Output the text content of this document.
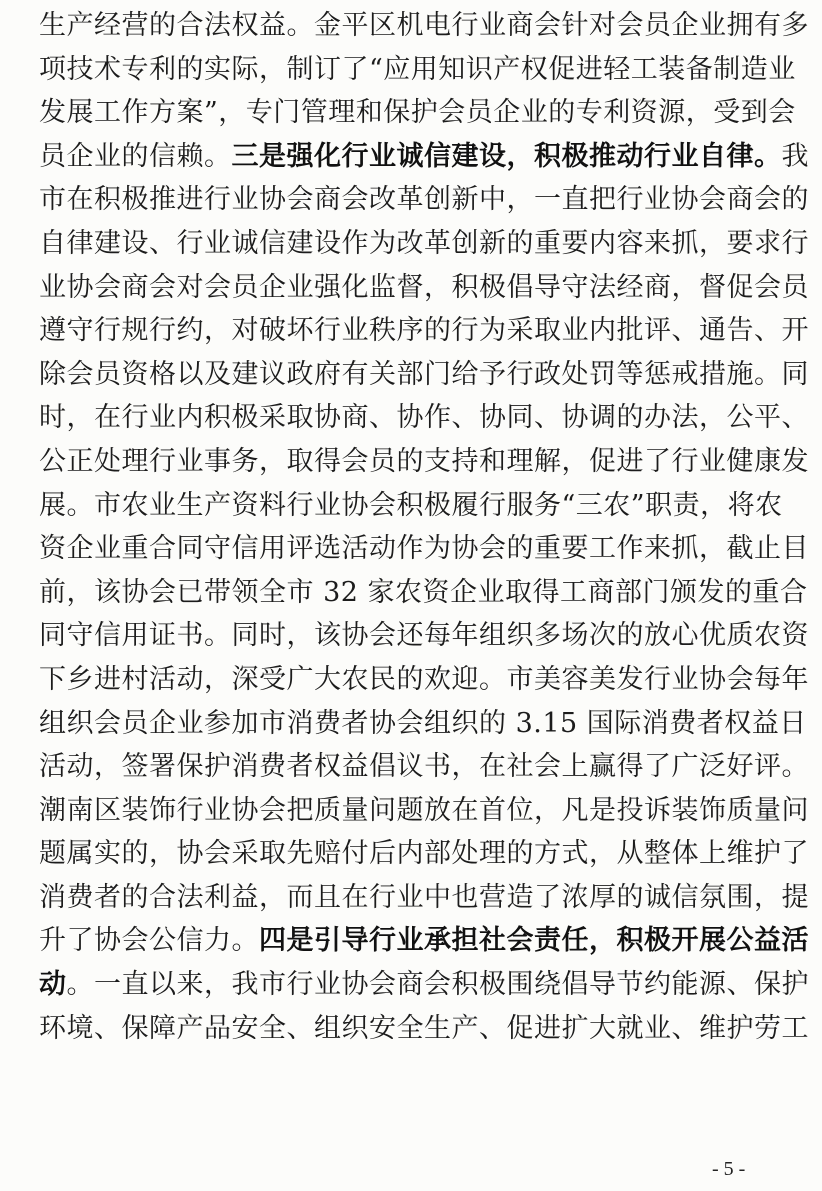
生产经营的合法权益。金平区机电行业商会针对会员企业拥有多
项技术专利的实际，制订了“应用知识产权促进轻工装备制造业
发展工作方案”，专门管理和保护会员企业的专利资源，受到会
员企业的信赖。三是强化行业诚信建设，积极推动行业自律。我
市在积极推进行业协会商会改革创新中，一直把行业协会商会的
自律建设、行业诚信建设作为改革创新的重要内容来抓，要求行
业协会商会对会员企业强化监督，积极倡导守法经商，督促会员
遵守行规行约，对破坏行业秩序的行为采取业内批评、通告、开
除会员资格以及建议政府有关部门给予行政处罚等惩戒措施。同
时，在行业内积极采取协商、协作、协同、协调的办法，公平、
公正处理行业事务，取得会员的支持和理解，促进了行业健康发
展。市农业生产资料行业协会积极履行服务“三农”职责，将农
资企业重合同守信用评选活动作为协会的重要工作来抓，截止目
前，该协会已带领全市 32 家农资企业取得工商部门颁发的重合
同守信用证书。同时，该协会还每年组织多场次的放心优质农资
下乡进村活动，深受广大农民的欢迎。市美容美发行业协会每年
组织会员企业参加市消费者协会组织的 3.15 国际消费者权益日
活动，签署保护消费者权益倡议书，在社会上赢得了广泛好评。
潮南区装饰行业协会把质量问题放在首位，凡是投诉装饰质量问
题属实的，协会采取先赔付后内部处理的方式，从整体上维护了
消费者的合法利益，而且在行业中也营造了浓厚的诚信氛围，提
升了协会公信力。四是引导行业承担社会责任，积极开展公益活
动。一直以来，我市行业协会商会积极围绕倡导节约能源、保护
环境、保障产品安全、组织安全生产、促进扩大就业、维护劳工
- 5 -
